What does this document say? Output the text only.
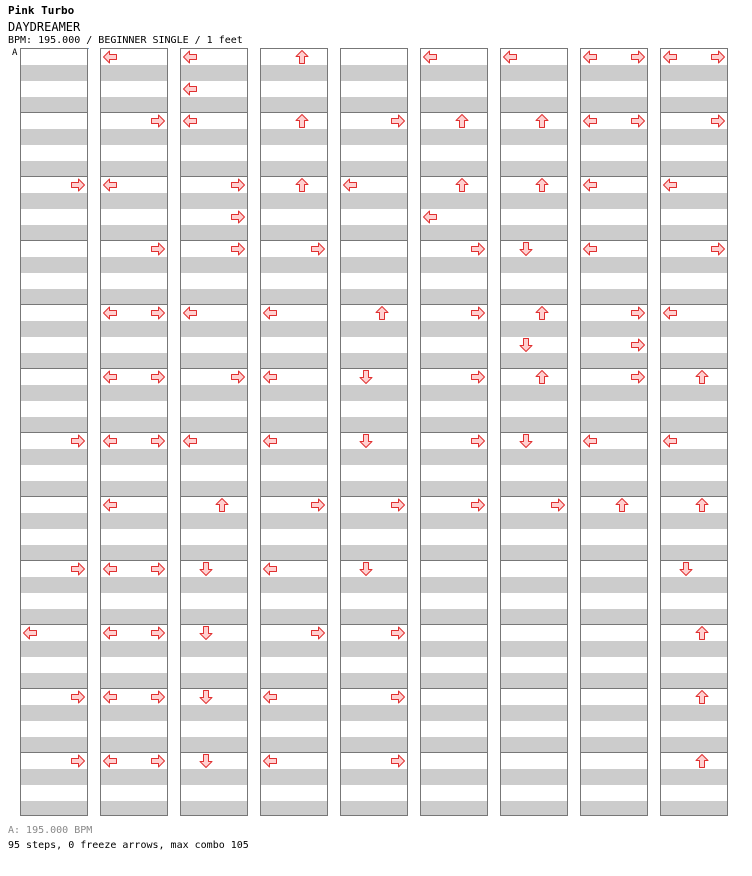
Pink Turbo
DAYDREAMER
BPM: 195.000 / BEGINNER SINGLE / 1 feet
A
A: 195.000 BPM
95 steps, 0 freeze arrows, max combo 105
